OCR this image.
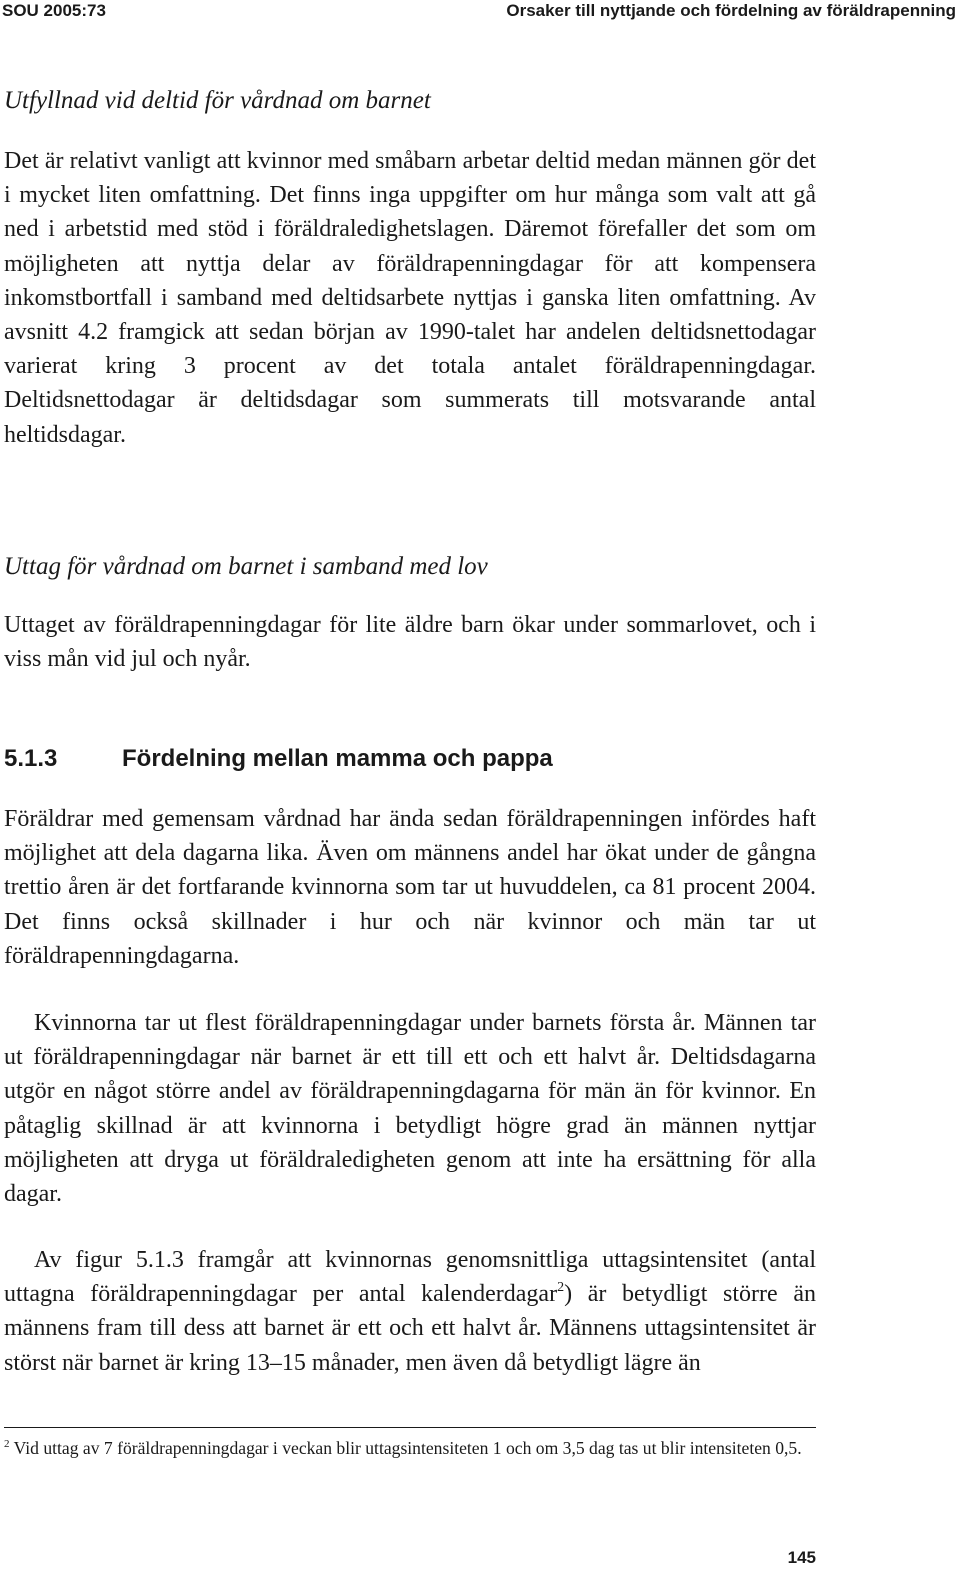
SOU 2005:73	Orsaker till nyttjande och fördelning av föräldrapenning

Utfyllnad vid deltid för vårdnad om barnet

Det är relativt vanligt att kvinnor med småbarn arbetar deltid medan männen gör det i mycket liten omfattning. Det finns inga uppgifter om hur många som valt att gå ned i arbetstid med stöd i föräldraledighetslagen. Däremot förefaller det som om möjligheten att nyttja delar av föräldrapenningdagar för att kompensera inkomstbortfall i samband med deltidsarbete nyttjas i ganska liten omfattning. Av avsnitt 4.2 framgick att sedan början av 1990-talet har andelen deltidsnettodagar varierat kring 3 procent av det totala antalet föräldrapenningdagar. Deltidsnettodagar är deltidsdagar som summerats till motsvarande antal heltidsdagar.

Uttag för vårdnad om barnet i samband med lov

Uttaget av föräldrapenningdagar för lite äldre barn ökar under sommarlovet, och i viss mån vid jul och nyår.

5.1.3	Fördelning mellan mamma och pappa

Föräldrar med gemensam vårdnad har ända sedan föräldrapenningen infördes haft möjlighet att dela dagarna lika. Även om männens andel har ökat under de gångna trettio åren är det fortfarande kvinnorna som tar ut huvuddelen, ca 81 procent 2004. Det finns också skillnader i hur och när kvinnor och män tar ut föräldrapenningdagarna.

Kvinnorna tar ut flest föräldrapenningdagar under barnets första år. Männen tar ut föräldrapenningdagar när barnet är ett till ett och ett halvt år. Deltidsdagarna utgör en något större andel av föräldrapenningdagarna för män än för kvinnor. En påtaglig skillnad är att kvinnorna i betydligt högre grad än männen nyttjar möjligheten att dryga ut föräldraledigheten genom att inte ha ersättning för alla dagar.

Av figur 5.1.3 framgår att kvinnornas genomsnittliga uttagsintensitet (antal uttagna föräldrapenningdagar per antal kalenderdagar$^2$) är betydligt större än männens fram till dess att barnet är ett och ett halvt år. Männens uttagsintensitet är störst när barnet är kring 13–15 månader, men även då betydligt lägre än

$^2$ Vid uttag av 7 föräldrapenningdagar i veckan blir uttagsintensiteten 1 och om 3,5 dag tas ut blir intensiteten 0,5.

145
